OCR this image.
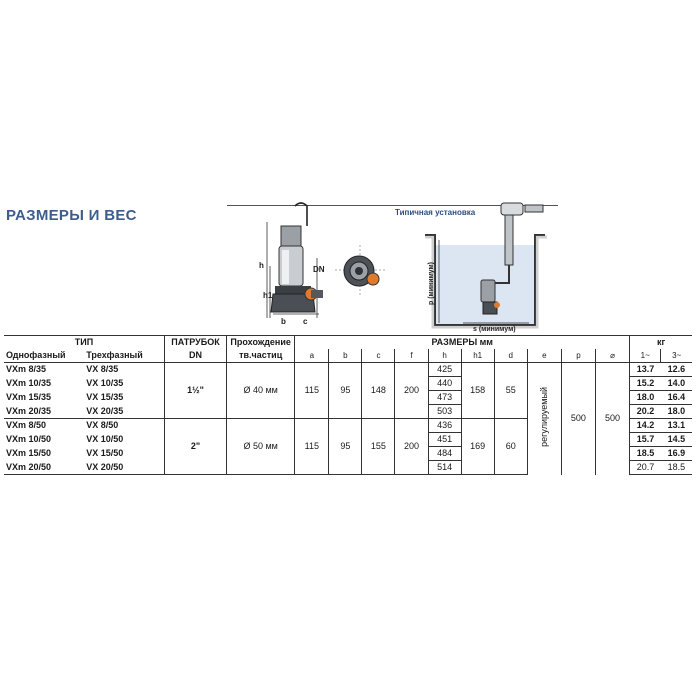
РАЗМЕРЫ И ВЕС
h
h1
b c
DN
Типичная установка
p (минимум)
s (минимум)
ТИП		ПАТРУБОК	Прохождение	РАЗМЕРЫ мм										кг	
Однофазный	Трехфазный	DN	тв.частиц	a	b	c	f	h	h1	d	e	p	⌀	1~	3~
VXm 8/35	VX 8/35	1½"	Ø 40 мм	115	95	148	200	425	158	55	регулируемый	500	500	13.7	12.6
VXm 10/35	VX 10/35							440						15.2	14.0
VXm 15/35	VX 15/35							473						18.0	16.4
VXm 20/35	VX 20/35							503						20.2	18.0
VXm 8/50	VX 8/50	2"	Ø 50 мм	115	95	155	200	436	169	60				14.2	13.1
VXm 10/50	VX 10/50							451						15.7	14.5
VXm 15/50	VX 15/50							484						18.5	16.9
VXm 20/50	VX 20/50							514						20.7	18.5
